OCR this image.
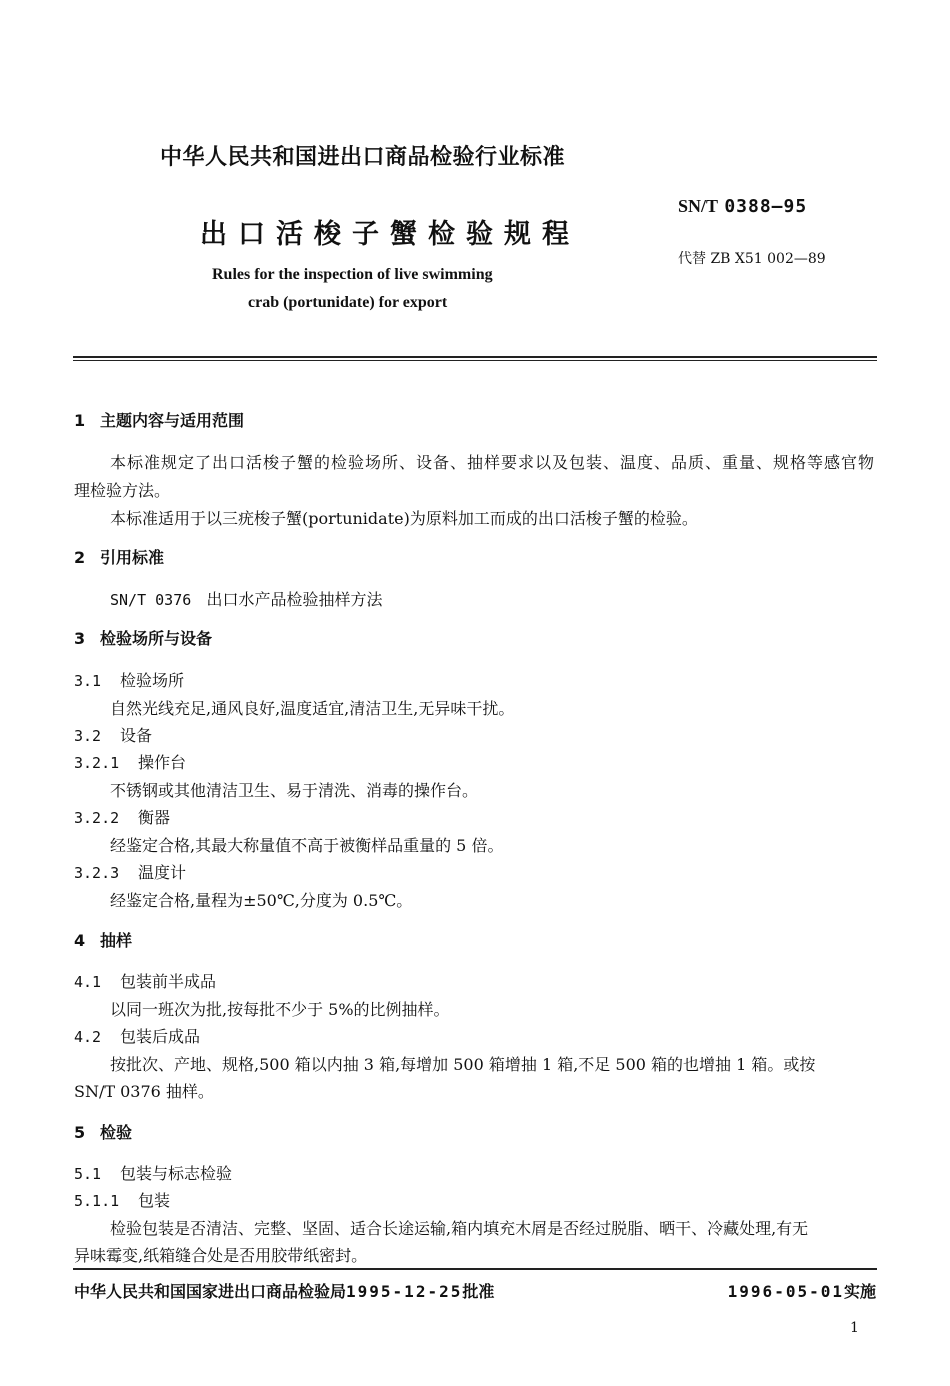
中华人民共和国进出口商品检验行业标准
SN/T 0388—95
出口活梭子蟹检验规程
代替 ZB X51 002—89
Rules for the inspection of live swimming
crab (portunidate) for export
1 主题内容与适用范围
本标准规定了出口活梭子蟹的检验场所、设备、抽样要求以及包装、温度、品质、重量、规格等感官物
理检验方法。
本标准适用于以三疣梭子蟹(portunidate)为原料加工而成的出口活梭子蟹的检验。
2 引用标准
SN/T 0376 出口水产品检验抽样方法
3 检验场所与设备
3.1 检验场所
自然光线充足,通风良好,温度适宜,清洁卫生,无异味干扰。
3.2 设备
3.2.1 操作台
不锈钢或其他清洁卫生、易于清洗、消毒的操作台。
3.2.2 衡器
经鉴定合格,其最大称量值不高于被衡样品重量的 5 倍。
3.2.3 温度计
经鉴定合格,量程为±50℃,分度为 0.5℃。
4 抽样
4.1 包装前半成品
以同一班次为批,按每批不少于 5%的比例抽样。
4.2 包装后成品
按批次、产地、规格,500 箱以内抽 3 箱,每增加 500 箱增抽 1 箱,不足 500 箱的也增抽 1 箱。或按
SN/T 0376 抽样。
5 检验
5.1 包装与标志检验
5.1.1 包装
检验包装是否清洁、完整、坚固、适合长途运输,箱内填充木屑是否经过脱脂、晒干、冷藏处理,有无
异味霉变,纸箱缝合处是否用胶带纸密封。
中华人民共和国国家进出口商品检验局1995-12-25批准	1996-05-01实施
1
